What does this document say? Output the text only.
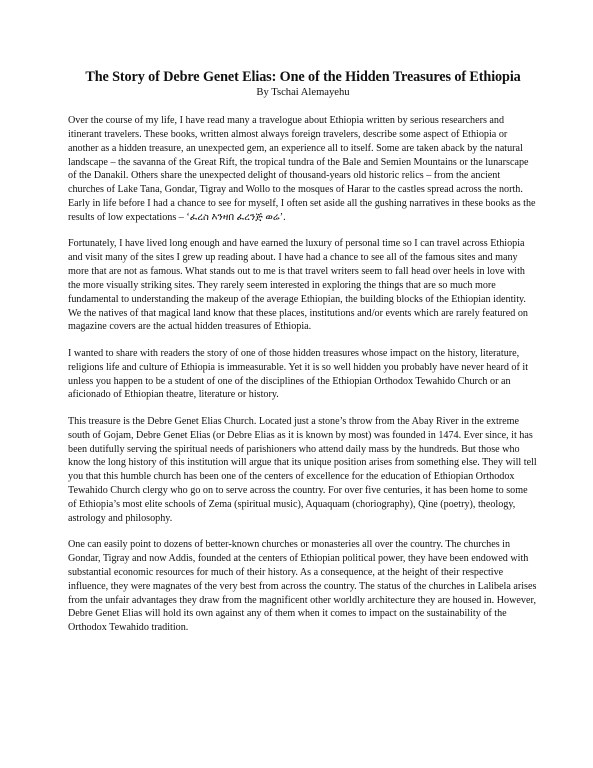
The Story of Debre Genet Elias: One of the Hidden Treasures of Ethiopia

By Tschai Alemayehu

Over the course of my life, I have read many a travelogue about Ethiopia written by serious researchers and itinerant travelers. These books, written almost always foreign travelers, describe some aspect of Ethiopia or another as a hidden treasure, an unexpected gem, an experience all to itself. Some are taken aback by the natural landscape – the savanna of the Great Rift, the tropical tundra of the Bale and Semien Mountains or the lunarscape of the Danakil. Others share the unexpected delight of thousand-years old historic relics – from the ancient churches of Lake Tana, Gondar, Tigray and Wollo to the mosques of Harar to the castles spread across the north. Early in life before I had a chance to see for myself, I often set aside all the gushing narratives in these books as the results of low expectations – ‘ፈረስ እንዛበ ፈረንጅ ወሬ’.

Fortunately, I have lived long enough and have earned the luxury of personal time so I can travel across Ethiopia and visit many of the sites I grew up reading about. I have had a chance to see all of the famous sites and many more that are not as famous. What stands out to me is that travel writers seem to fall head over heels in love with the more visually striking sites. They rarely seem interested in exploring the things that are so much more fundamental to understanding the makeup of the average Ethiopian, the building blocks of the Ethiopian identity. We the natives of that magical land know that these places, institutions and/or events which are rarely featured on magazine covers are the actual hidden treasures of Ethiopia.

I wanted to share with readers the story of one of those hidden treasures whose impact on the history, literature, religions life and culture of Ethiopia is immeasurable. Yet it is so well hidden you probably have never heard of it unless you happen to be a student of one of the disciplines of the Ethiopian Orthodox Tewahido Church or an aficionado of Ethiopian theatre, literature or history.

This treasure is the Debre Genet Elias Church. Located just a stone’s throw from the Abay River in the extreme south of Gojam, Debre Genet Elias (or Debre Elias as it is known by most) was founded in 1474. Ever since, it has been dutifully serving the spiritual needs of parishioners who attend daily mass by the hundreds. But those who know the long history of this institution will argue that its unique position arises from something else. They will tell you that this humble church has been one of the centers of excellence for the education of Ethiopian Orthodox Tewahido Church clergy who go on to serve across the country. For over five centuries, it has been home to some of Ethiopia’s most elite schools of Zema (spiritual music), Aquaquam (choriography), Qine (poetry), theology, astrology and philosophy.

One can easily point to dozens of better-known churches or monasteries all over the country. The churches in Gondar, Tigray and now Addis, founded at the centers of Ethiopian political power, they have been endowed with substantial economic resources for much of their history. As a consequence, at the height of their respective influence, they were magnates of the very best from across the country. The status of the churches in Lalibela arises from the unfair advantages they draw from the magnificent other worldly architecture they are housed in. However, Debre Genet Elias will hold its own against any of them when it comes to impact on the sustainability of the Orthodox Tewahido tradition.
